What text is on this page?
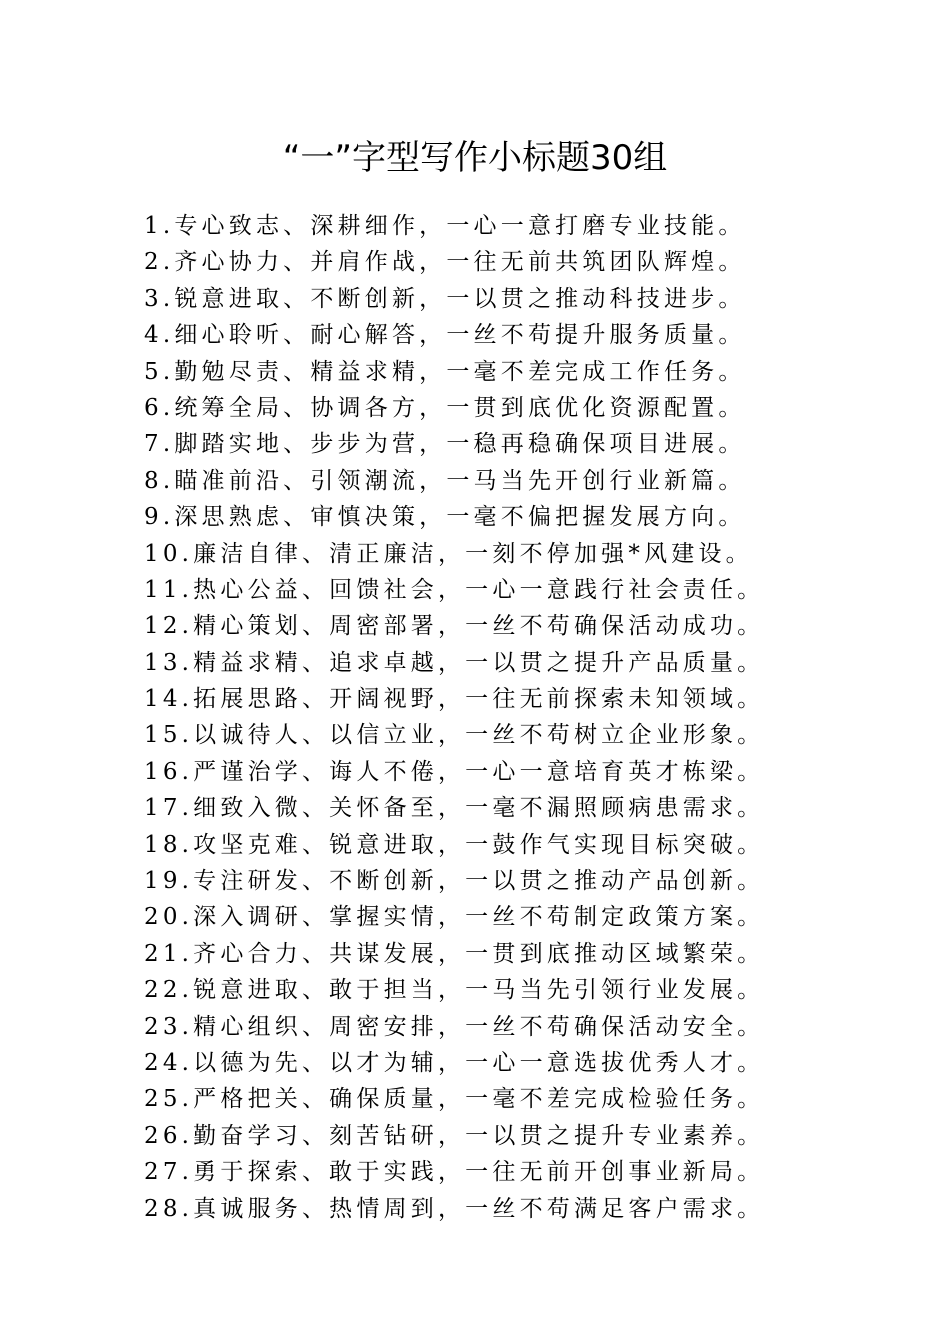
“一”字型写作小标题30组
1.专心致志、深耕细作，一心一意打磨专业技能。
2.齐心协力、并肩作战，一往无前共筑团队辉煌。
3.锐意进取、不断创新，一以贯之推动科技进步。
4.细心聆听、耐心解答，一丝不苟提升服务质量。
5.勤勉尽责、精益求精，一毫不差完成工作任务。
6.统筹全局、协调各方，一贯到底优化资源配置。
7.脚踏实地、步步为营，一稳再稳确保项目进展。
8.瞄准前沿、引领潮流，一马当先开创行业新篇。
9.深思熟虑、审慎决策，一毫不偏把握发展方向。
10.廉洁自律、清正廉洁，一刻不停加强*风建设。
11.热心公益、回馈社会，一心一意践行社会责任。
12.精心策划、周密部署，一丝不苟确保活动成功。
13.精益求精、追求卓越，一以贯之提升产品质量。
14.拓展思路、开阔视野，一往无前探索未知领域。
15.以诚待人、以信立业，一丝不苟树立企业形象。
16.严谨治学、诲人不倦，一心一意培育英才栋梁。
17.细致入微、关怀备至，一毫不漏照顾病患需求。
18.攻坚克难、锐意进取，一鼓作气实现目标突破。
19.专注研发、不断创新，一以贯之推动产品创新。
20.深入调研、掌握实情，一丝不苟制定政策方案。
21.齐心合力、共谋发展，一贯到底推动区域繁荣。
22.锐意进取、敢于担当，一马当先引领行业发展。
23.精心组织、周密安排，一丝不苟确保活动安全。
24.以德为先、以才为辅，一心一意选拔优秀人才。
25.严格把关、确保质量，一毫不差完成检验任务。
26.勤奋学习、刻苦钻研，一以贯之提升专业素养。
27.勇于探索、敢于实践，一往无前开创事业新局。
28.真诚服务、热情周到，一丝不苟满足客户需求。
